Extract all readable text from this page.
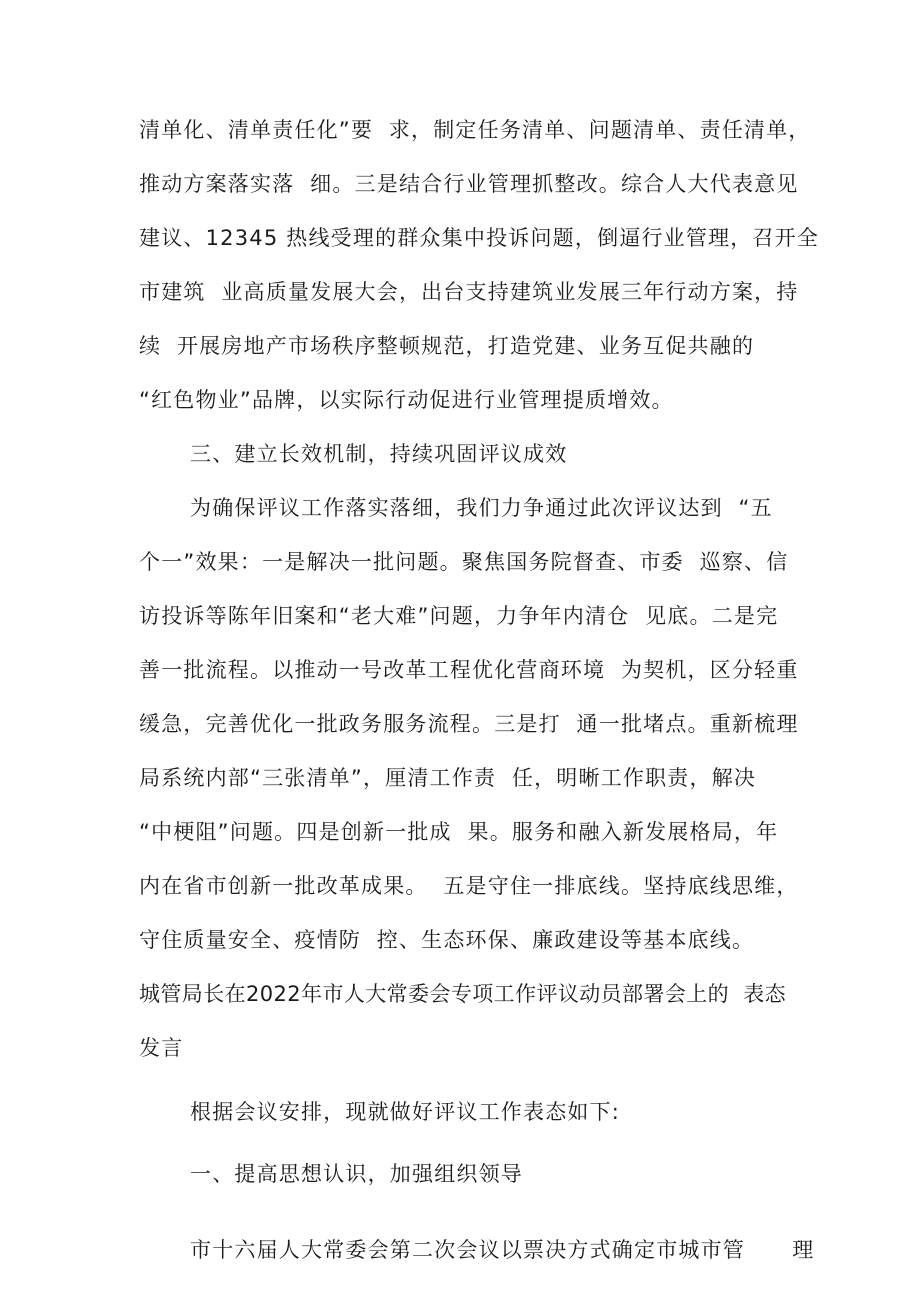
清单化、清单责任化”要  求，制定任务清单、问题清单、责任清单，
推动方案落实落  细。三是结合行业管理抓整改。综合人大代表意见
建议、12345 热线受理的群众集中投诉问题，倒逼行业管理，召开全
市建筑  业高质量发展大会，出台支持建筑业发展三年行动方案，持
续  开展房地产市场秩序整顿规范，打造党建、业务互促共融的
“红色物业”品牌，以实际行动促进行业管理提质增效。
三、建立长效机制，持续巩固评议成效
为确保评议工作落实落细，我们力争通过此次评议达到  “五
个一”效果：一是解决一批问题。聚焦国务院督查、市委  巡察、信
访投诉等陈年旧案和“老大难”问题，力争年内清仓  见底。二是完
善一批流程。以推动一号改革工程优化营商环境  为契机，区分轻重
缓急，完善优化一批政务服务流程。三是打  通一批堵点。重新梳理
局系统内部“三张清单”，厘清工作责  任，明晰工作职责，解决
“中梗阻”问题。四是创新一批成  果。服务和融入新发展格局，年
内在省市创新一批改革成果。  五是守住一排底线。坚持底线思维，
守住质量安全、疫情防  控、生态环保、廉政建设等基本底线。
城管局长在2022年市人大常委会专项工作评议动员部署会上的  表态
发言
根据会议安排，现就做好评议工作表态如下:
一、提高思想认识，加强组织领导
市十六届人大常委会第二次会议以票决方式确定市城市管      理
